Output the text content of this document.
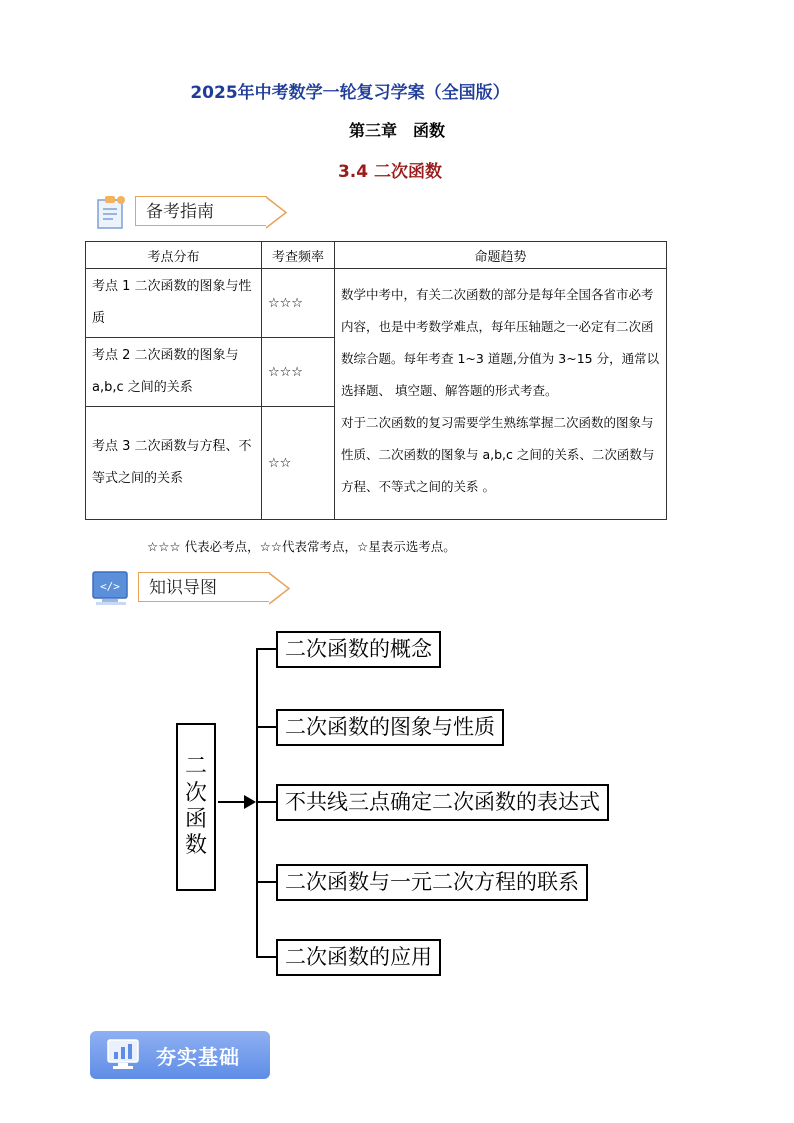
2025年中考数学一轮复习学案（全国版）
第三章 函数
3.4 二次函数
备考指南
考点分布	考查频率	命题趋势
考点 1 二次函数的图象与性质	☆☆☆	数学中考中，有关二次函数的部分是每年全国各省市必考内容，也是中考数学难点，每年压轴题之一必定有二次函数综合题。每年考查 1~3 道题,分值为 3~15 分，通常以选择题、 填空题、解答题的形式考查。
对于二次函数的复习需要学生熟练掌握二次函数的图象与性质、二次函数的图象与 a,b,c 之间的关系、二次函数与方程、不等式之间的关系 。

考点 2 二次函数的图象与a,b,c 之间的关系	☆☆☆	
考点 3 二次函数与方程、不等式之间的关系	☆☆	
☆☆☆ 代表必考点，☆☆代表常考点，☆星表示选考点。
</>	知识导图
二
次
函
数
二次函数的概念
二次函数的图象与性质
不共线三点确定二次函数的表达式
二次函数与一元二次方程的联系
二次函数的应用
夯实基础
